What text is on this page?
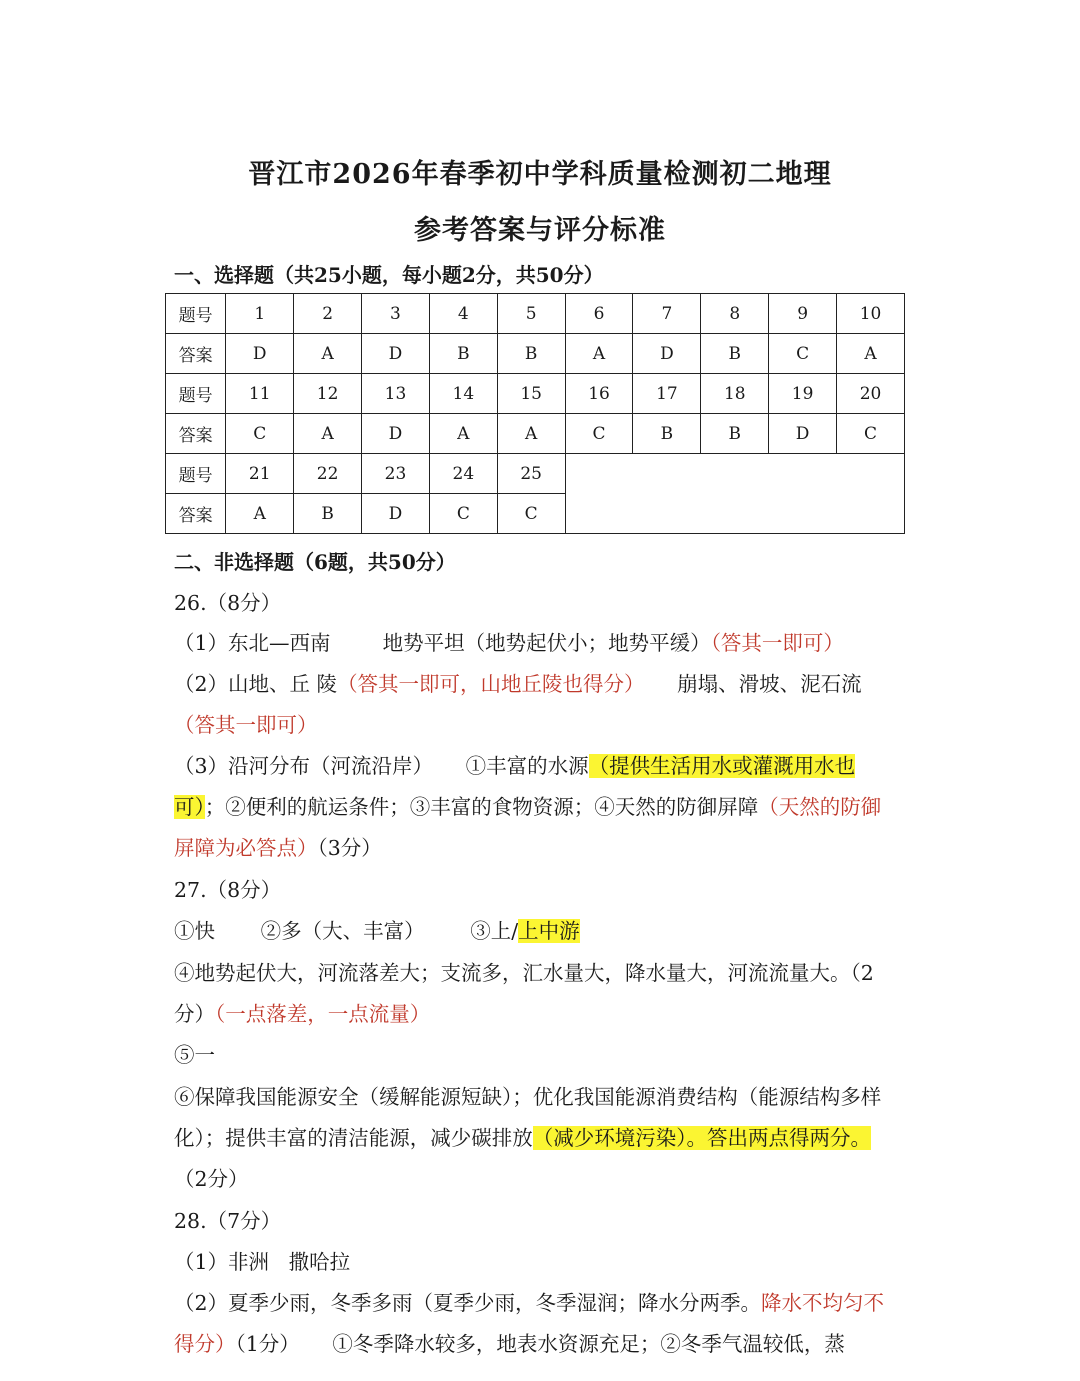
晋江市2026年春季初中学科质量检测初二地理
参考答案与评分标准
一、选择题（共25小题，每小题2分，共50分）
题号	1	2	3	4	5	6	7	8	9	10
答案	D	A	D	B	B	A	D	B	C	A
题号	11	12	13	14	15	16	17	18	19	20
答案	C	A	D	A	A	C	B	B	D	C
题号	21	22	23	24	25					
答案	A	B	D	C	C					
二、非选择题（6题，共50分）
26.（8分）
（1）东北—西南        地势平坦（地势起伏小；地势平缓）（答其一即可）
（2）山地、丘 陵（答其一即可，山地丘陵也得分）     崩塌、滑坡、泥石流
（答其一即可）
（3）沿河分布（河流沿岸）     ①丰富的水源（提供生活用水或灌溉用水也
可）；②便利的航运条件；③丰富的食物资源；④天然的防御屏障（天然的防御
屏障为必答点）（3分）
27.（8分）
①快       ②多（大、丰富）       ③上/上中游
④地势起伏大，河流落差大；支流多，汇水量大，降水量大，河流流量大。（2
分）（一点落差，一点流量）
⑤一
⑥保障我国能源安全（缓解能源短缺）；优化我国能源消费结构（能源结构多样
化）；提供丰富的清洁能源，减少碳排放（减少环境污染）。答出两点得两分。
（2分）
28.（7分）
（1）非洲   撒哈拉
（2）夏季少雨，冬季多雨（夏季少雨，冬季湿润；降水分两季。降水不均匀不
得分）（1分）     ①冬季降水较多，地表水资源充足；②冬季气温较低，蒸
